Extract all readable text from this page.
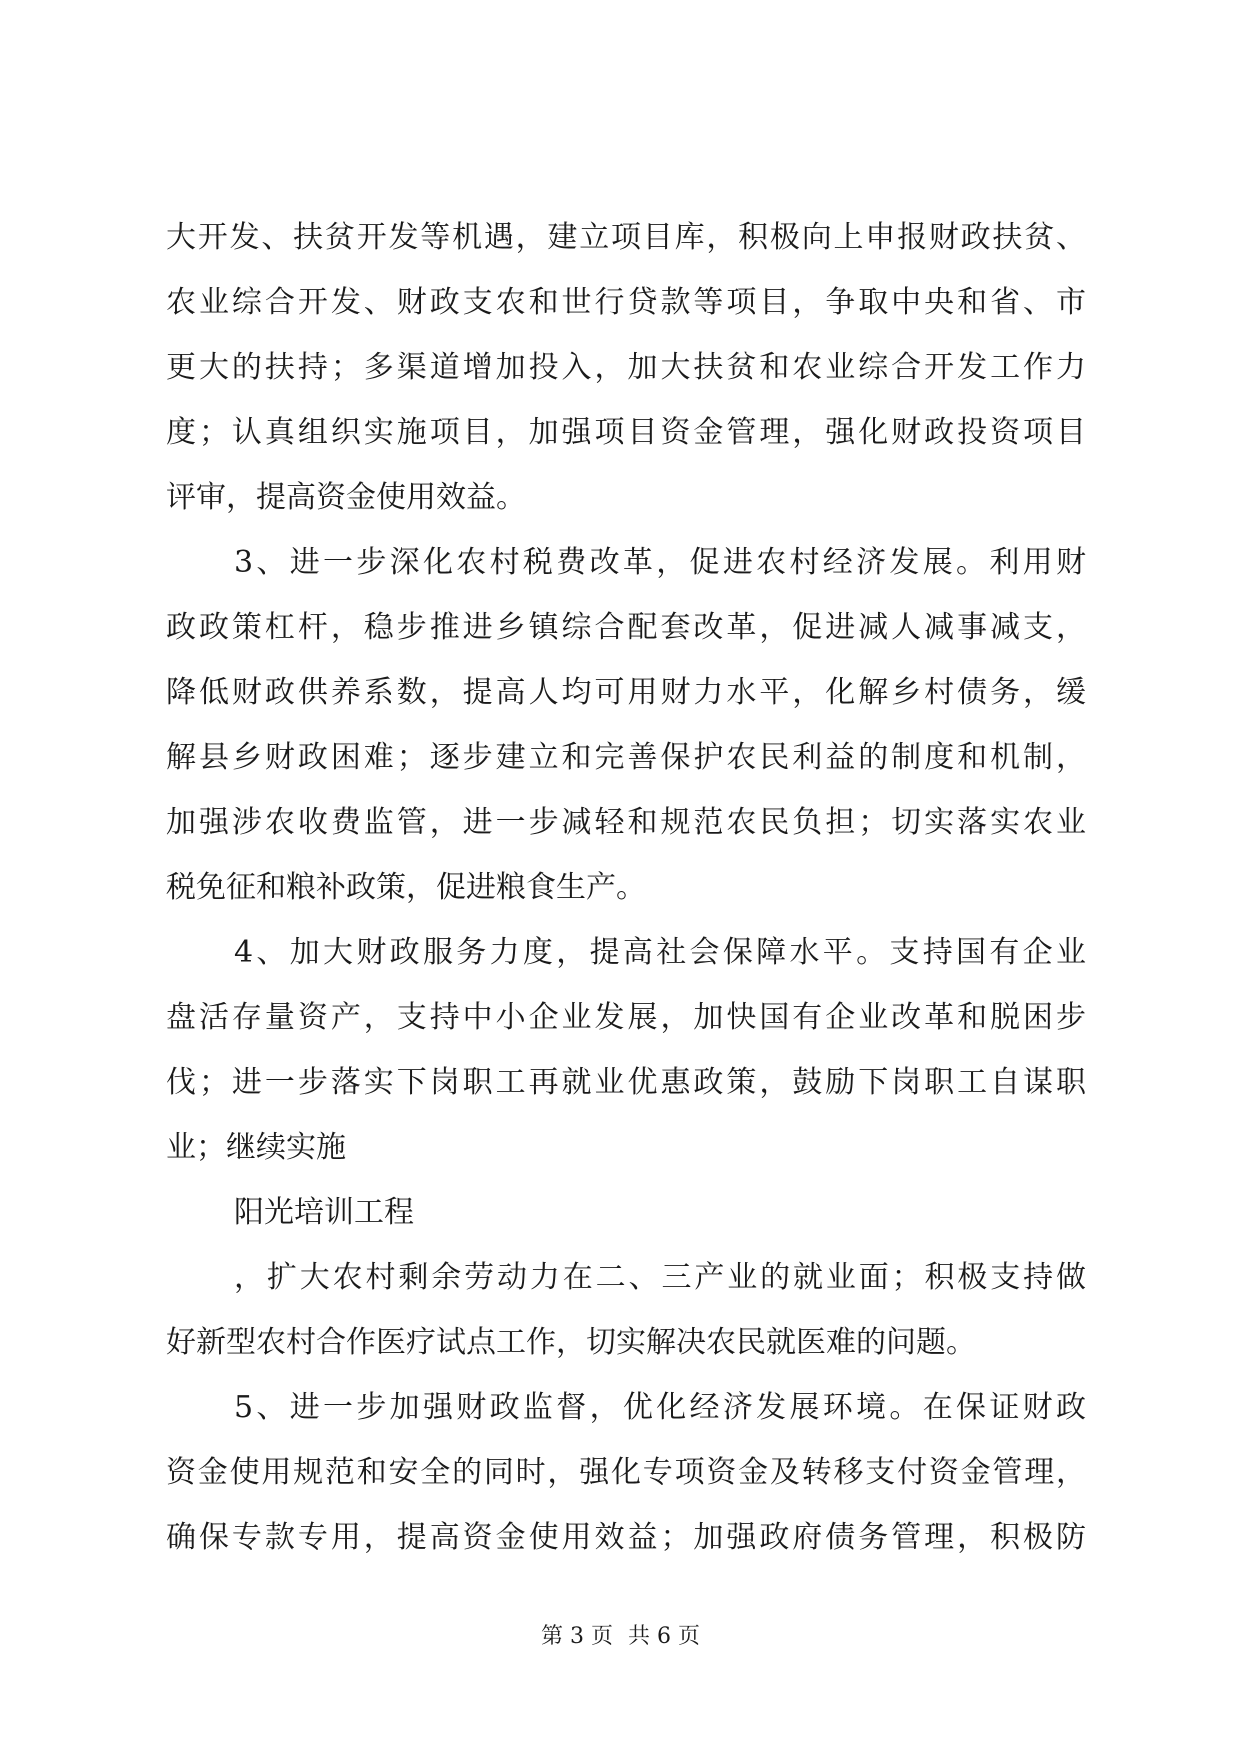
大开发、扶贫开发等机遇，建立项目库，积极向上申报财政扶贫、
农业综合开发、财政支农和世行贷款等项目，争取中央和省、市
更大的扶持；多渠道增加投入，加大扶贫和农业综合开发工作力
度；认真组织实施项目，加强项目资金管理，强化财政投资项目
评审，提高资金使用效益。
3、进一步深化农村税费改革，促进农村经济发展。利用财
政政策杠杆，稳步推进乡镇综合配套改革，促进减人减事减支，
降低财政供养系数，提高人均可用财力水平，化解乡村债务，缓
解县乡财政困难；逐步建立和完善保护农民利益的制度和机制，
加强涉农收费监管，进一步减轻和规范农民负担；切实落实农业
税免征和粮补政策，促进粮食生产。
4、加大财政服务力度，提高社会保障水平。支持国有企业
盘活存量资产，支持中小企业发展，加快国有企业改革和脱困步
伐；进一步落实下岗职工再就业优惠政策，鼓励下岗职工自谋职
业；继续实施
阳光培训工程
，扩大农村剩余劳动力在二、三产业的就业面；积极支持做
好新型农村合作医疗试点工作，切实解决农民就医难的问题。
5、进一步加强财政监督，优化经济发展环境。在保证财政
资金使用规范和安全的同时，强化专项资金及转移支付资金管理，
确保专款专用，提高资金使用效益；加强政府债务管理，积极防
第 3 页 共 6 页
